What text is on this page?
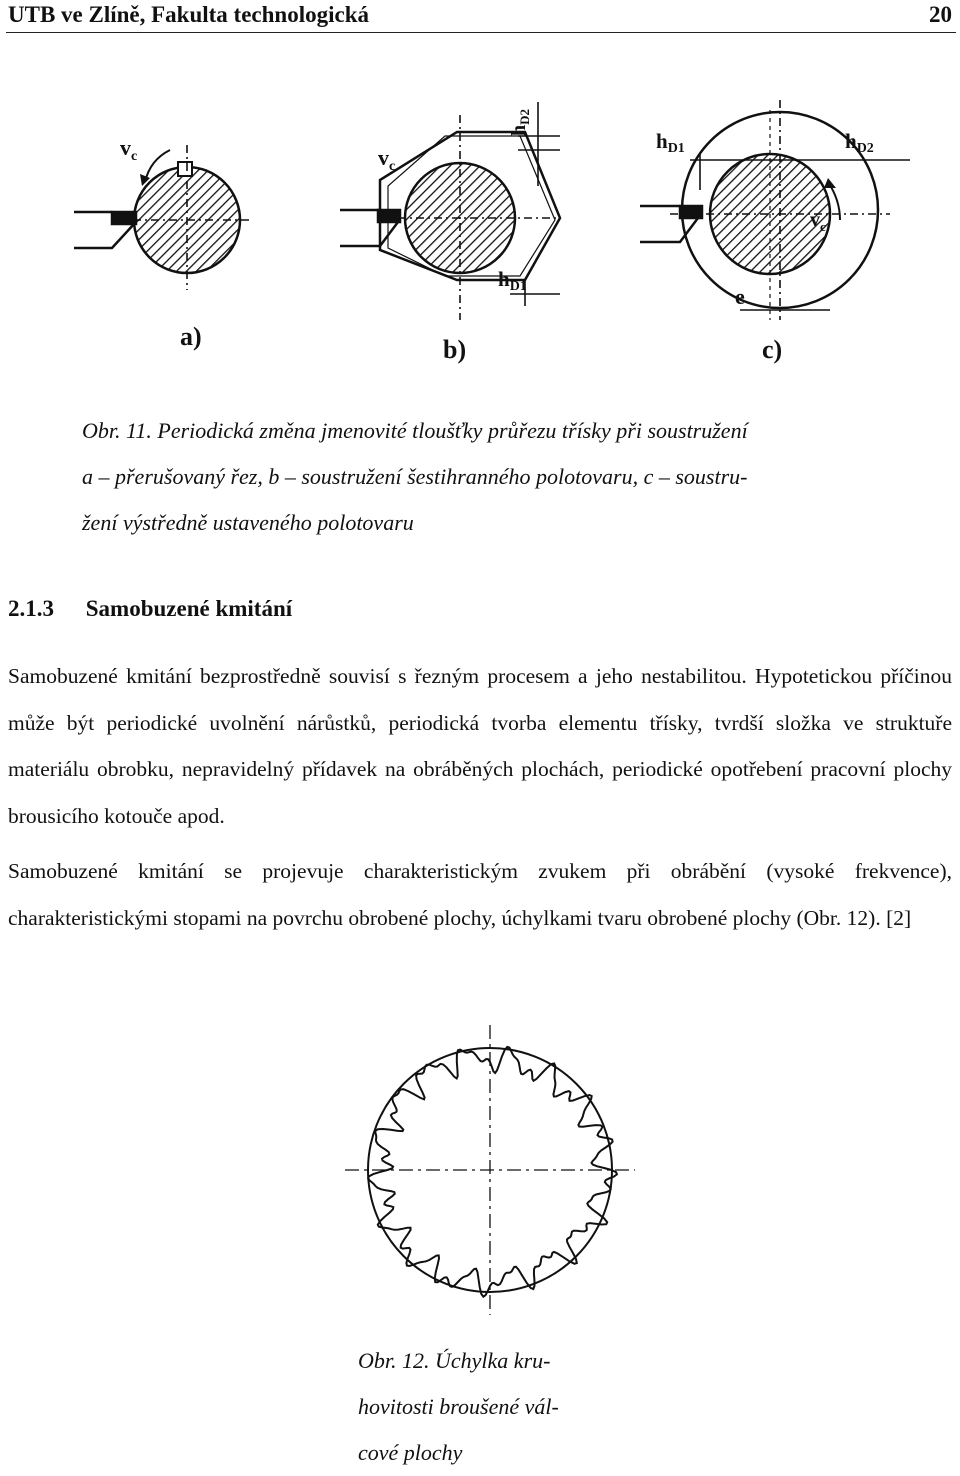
UTB ve Zlíně, Fakulta technologická	20
$v_c$	$v_c$
$v_c$
$h_{D2}$
hD1
hD1	hD2
e
a)	b)	c)
Obr. 11. Periodická změna jmenovité tloušťky průřezu třísky při soustružení
a – přerušovaný řez, b – soustružení šestihranného polotovaru, c – soustru-
žení výstředně ustaveného polotovaru
2.1.3 Samobuzené kmitání
Samobuzené kmitání bezprostředně souvisí s řezným procesem a jeho nestabilitou. Hypotetickou příčinou může být periodické uvolnění nárůstků, periodická tvorba elementu třísky, tvrdší složka ve struktuře materiálu obrobku, nepravidelný přídavek na obráběných plochách, periodické opotřebení pracovní plochy brousicího kotouče apod.
Samobuzené kmitání se projevuje charakteristickým zvukem při obrábění (vysoké frekvence), charakteristickými stopami na povrchu obrobené plochy, úchylkami tvaru obrobené plochy (Obr. 12). [2]
Obr. 12. Úchylka kru-
hovitosti broušené vál-
cové plochy
